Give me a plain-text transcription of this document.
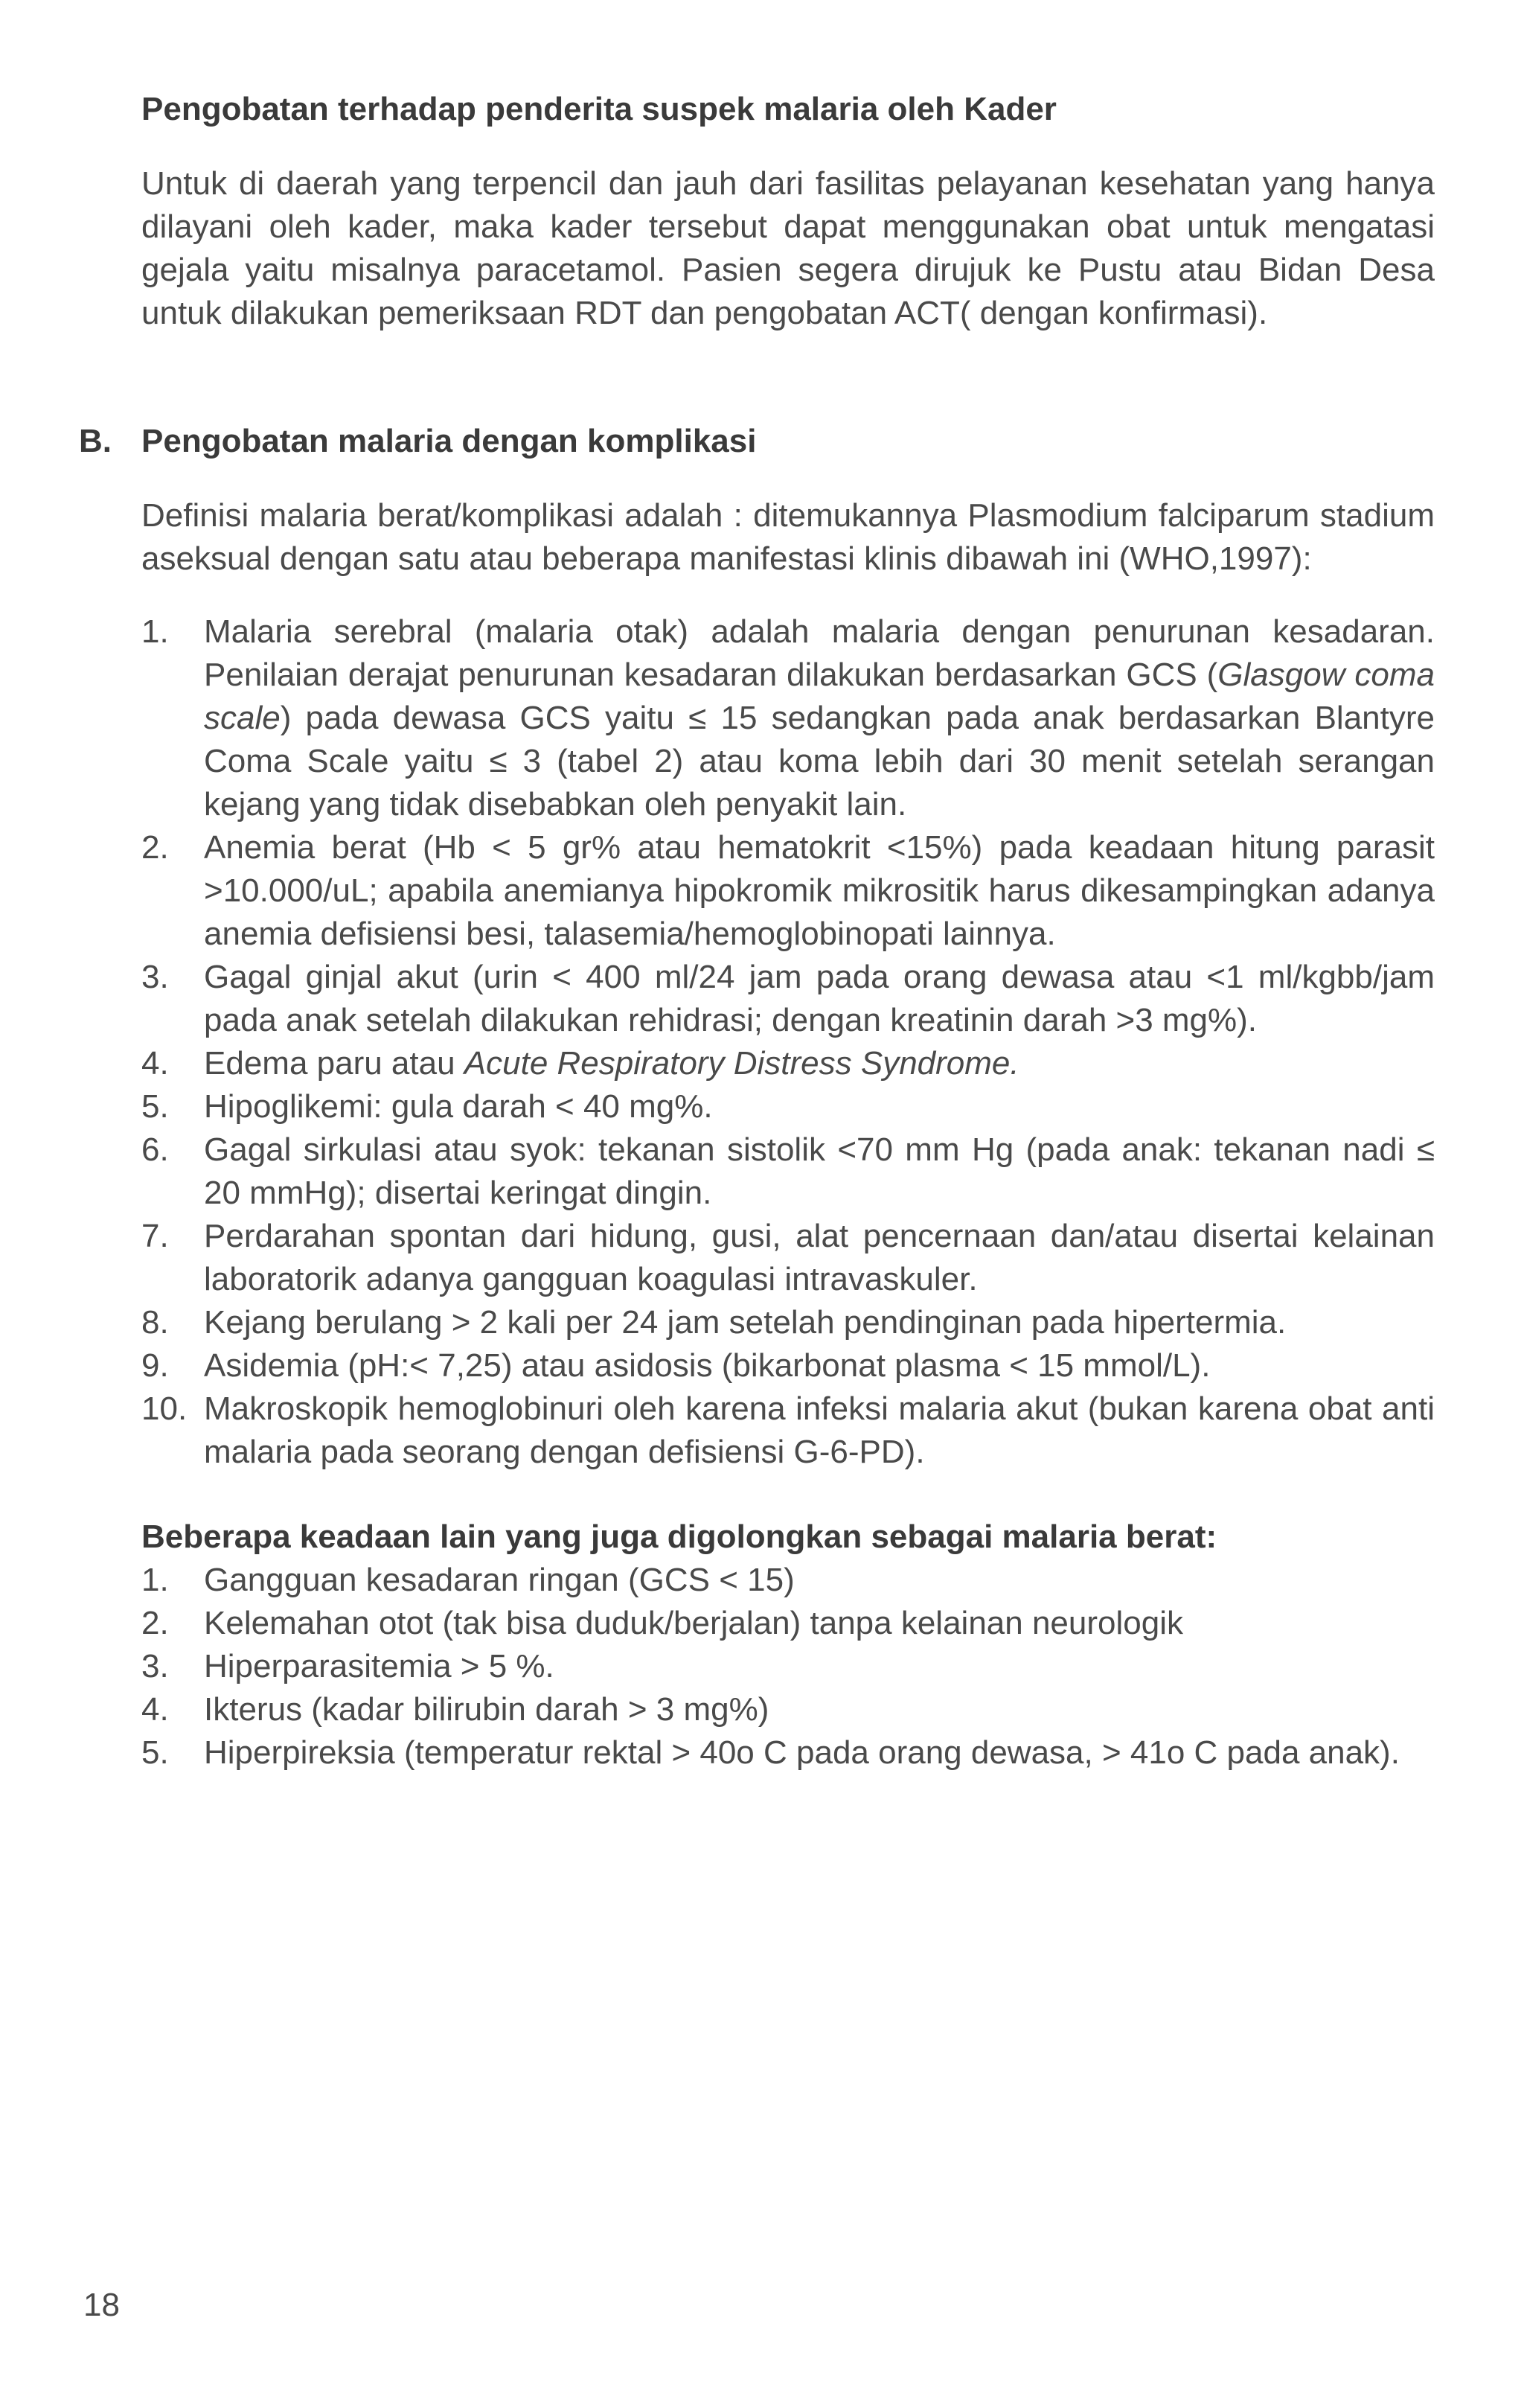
Pengobatan terhadap penderita suspek malaria oleh Kader

Untuk di daerah yang terpencil dan jauh dari fasilitas pelayanan kesehatan yang hanya dilayani oleh kader, maka kader tersebut dapat menggunakan obat untuk mengatasi gejala yaitu misalnya paracetamol. Pasien segera dirujuk ke Pustu atau Bidan Desa untuk dilakukan pemeriksaan RDT dan pengobatan ACT( dengan konfirmasi).

B. Pengobatan malaria dengan komplikasi

Definisi malaria berat/komplikasi adalah : ditemukannya Plasmodium falciparum stadium aseksual dengan satu atau beberapa manifestasi klinis dibawah ini (WHO,1997):

1.	Malaria serebral (malaria otak) adalah malaria dengan penurunan kesadaran. Penilaian derajat penurunan kesadaran dilakukan berdasarkan GCS (Glasgow coma scale) pada dewasa GCS yaitu ≤ 15 sedangkan pada anak berdasarkan Blantyre Coma Scale yaitu ≤ 3 (tabel 2) atau koma lebih dari 30 menit setelah serangan kejang yang tidak disebabkan oleh penyakit lain.
2.	Anemia berat (Hb < 5 gr% atau hematokrit <15%) pada keadaan hitung parasit >10.000/uL; apabila anemianya hipokromik mikrositik harus dikesampingkan adanya anemia defisiensi besi, talasemia/hemoglobinopati lainnya.
3.	Gagal ginjal akut (urin < 400 ml/24 jam pada orang dewasa atau <1 ml/kgbb/jam pada anak setelah dilakukan rehidrasi; dengan kreatinin darah >3 mg%).
4.	Edema paru atau Acute Respiratory Distress Syndrome.
5.	Hipoglikemi: gula darah < 40 mg%.
6.	Gagal sirkulasi atau syok: tekanan sistolik <70 mm Hg (pada anak: tekanan nadi ≤ 20 mmHg); disertai keringat dingin.
7.	Perdarahan spontan dari hidung, gusi, alat pencernaan dan/atau disertai kelainan laboratorik adanya gangguan koagulasi intravaskuler.
8.	Kejang berulang > 2 kali per 24 jam setelah pendinginan pada hipertermia.
9.	Asidemia (pH:< 7,25) atau asidosis (bikarbonat plasma < 15 mmol/L).
10. Makroskopik hemoglobinuri oleh karena infeksi malaria akut (bukan karena obat anti malaria pada seorang dengan defisiensi G-6-PD).
Beberapa keadaan lain yang juga digolongkan sebagai malaria berat:
1.	Gangguan kesadaran ringan (GCS < 15)
2.	Kelemahan otot (tak bisa duduk/berjalan) tanpa kelainan neurologik
3.	Hiperparasitemia > 5 %.
4.	Ikterus (kadar bilirubin darah > 3 mg%)
5.	Hiperpireksia (temperatur rektal > 40o C pada orang dewasa, > 41o C pada anak).
18
